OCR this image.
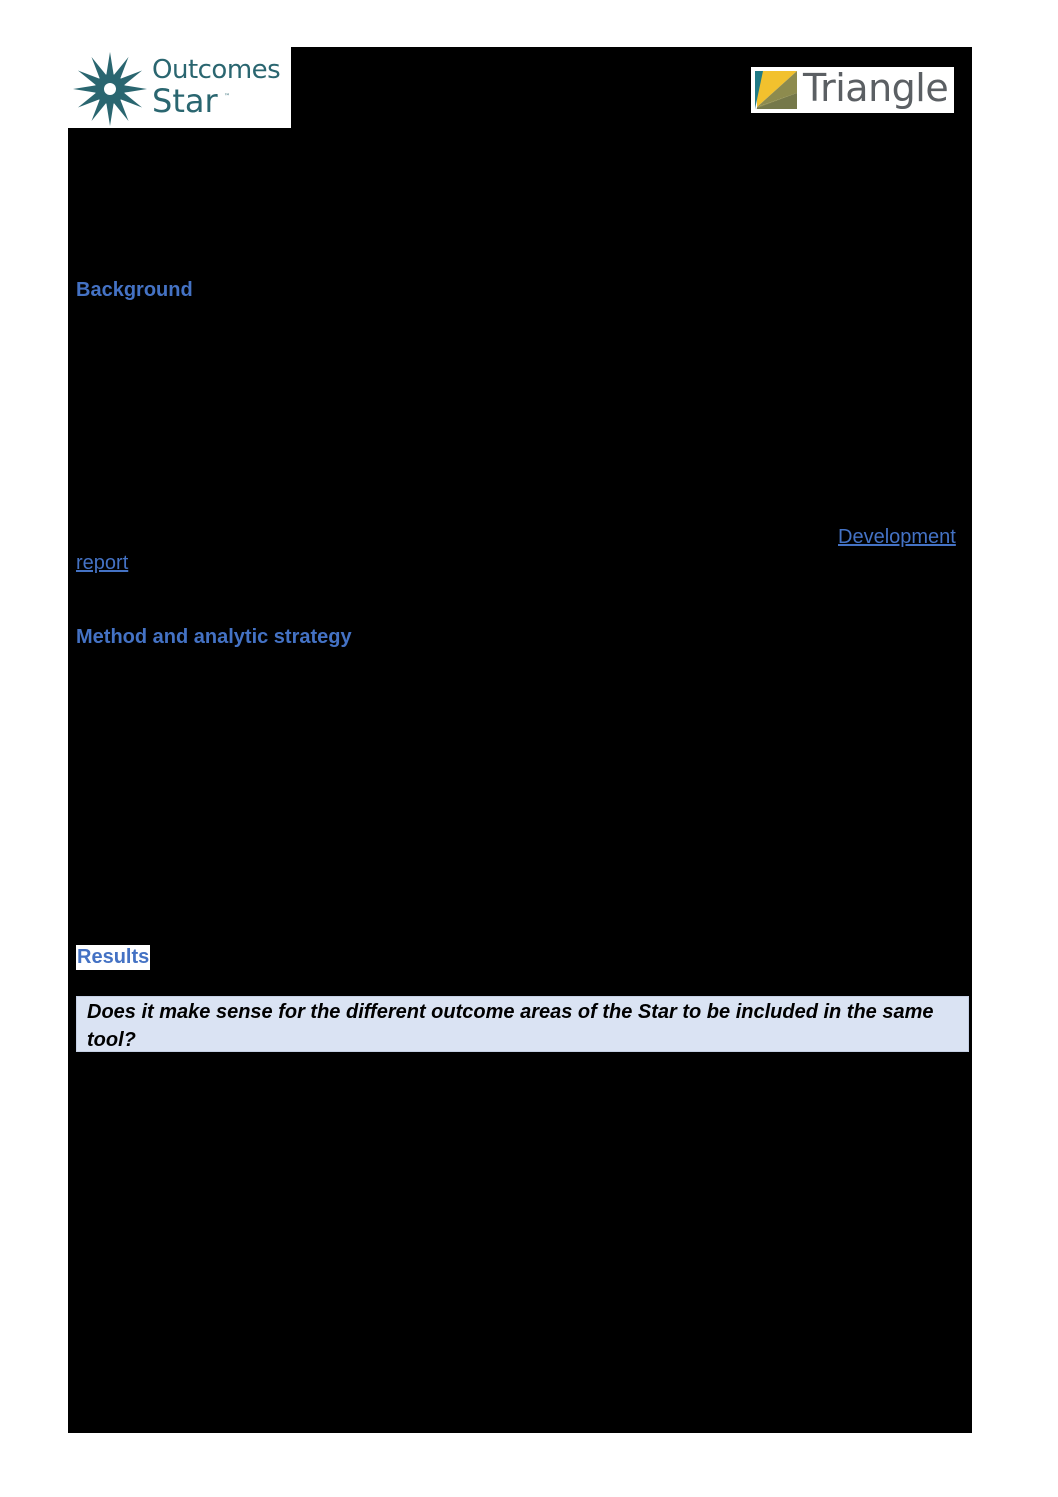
Outcomes
Star ™	Triangle
Background
Development
report
Method and analytic strategy
Results
Does it make sense for the different outcome areas of the Star to be included in the same tool?
